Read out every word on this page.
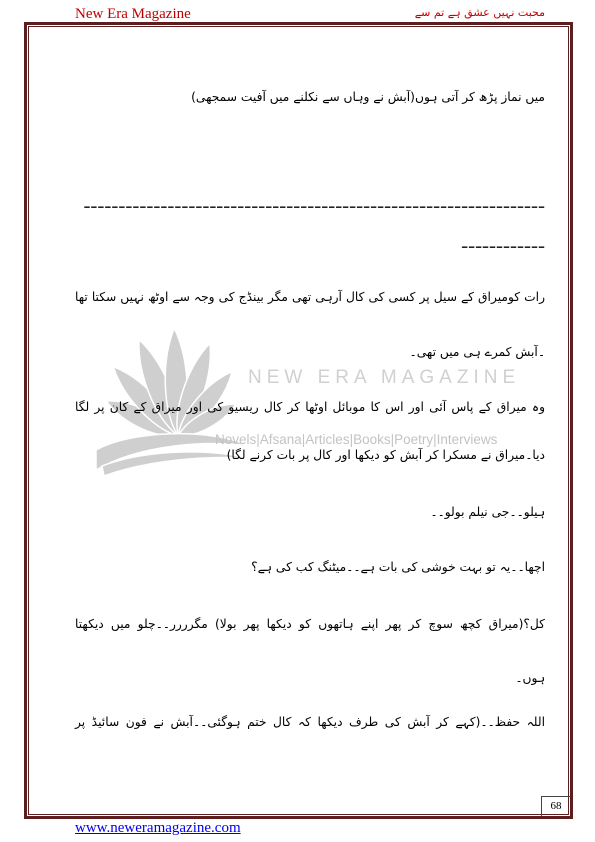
New Era Magazine	محبت نہیں عشق ہے تم سے
NEW ERA MAGAZINE
Novels|Afsana|Articles|Books|Poetry|Interviews
میں نماز پڑھ کر آتی ہوں(آبش نے وہاں سے نکلنے میں آفیت سمجھی)
------------------------------------------------------------------
------------
رات کومیراق کے سیل پر کسی کی کال آرہی تھی مگر بینڈج کی وجہ سے اوٹھ نہیں سکتا تھا
۔آبش کمرے ہی میں تھی۔
وہ میراق کے پاس آئی اور اس کا موبائل اوٹھا کر کال ریسیو کی اور میراق کے کان پر لگا
دیا۔میراق نے مسکرا کر آبش کو دیکھا اور کال پر بات کرنے لگا)
ہیلو۔۔جی نیلم بولو۔۔
اچھا۔۔یہ تو بہت خوشی کی بات ہے۔۔میٹنگ کب کی ہے؟
کل؟(میراق کچھ سوچ کر پھر اپنے ہاتھوں کو دیکھا پھر بولا) مگرررر۔۔چلو میں دیکھتا
ہوں۔
اللہ حفظ۔۔(کہے کر آبش کی طرف دیکھا کہ کال ختم ہوگئی۔۔آبش نے فون سائیڈ پر
68
www.neweramagazine.com
